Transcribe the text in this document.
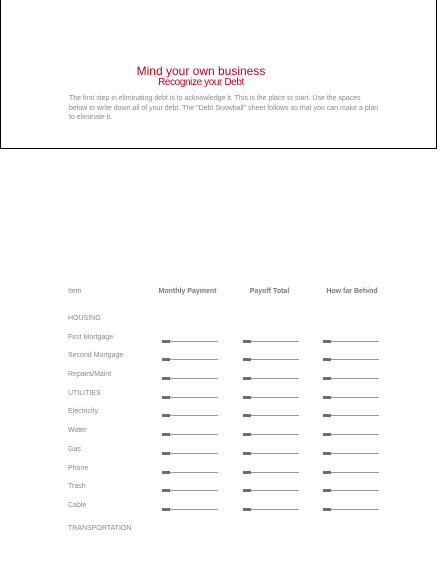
Mind your own business
Recognize your Debt
The first step in eliminating debt is to acknowledge it. This is the place to start. Use the spaces
below to write down all of your debt. The "Debt Snowball" sheet follows so that you can make a plan
to eliminate it.
Item	Monthly Payment	Payoff Total	How far Behind
HOUSING
First Mortgage
Second Mortgage
Repairs/Maint
UTILITIES
Electricity
Water
Gas
Phone
Trash
Cable
TRANSPORTATION
